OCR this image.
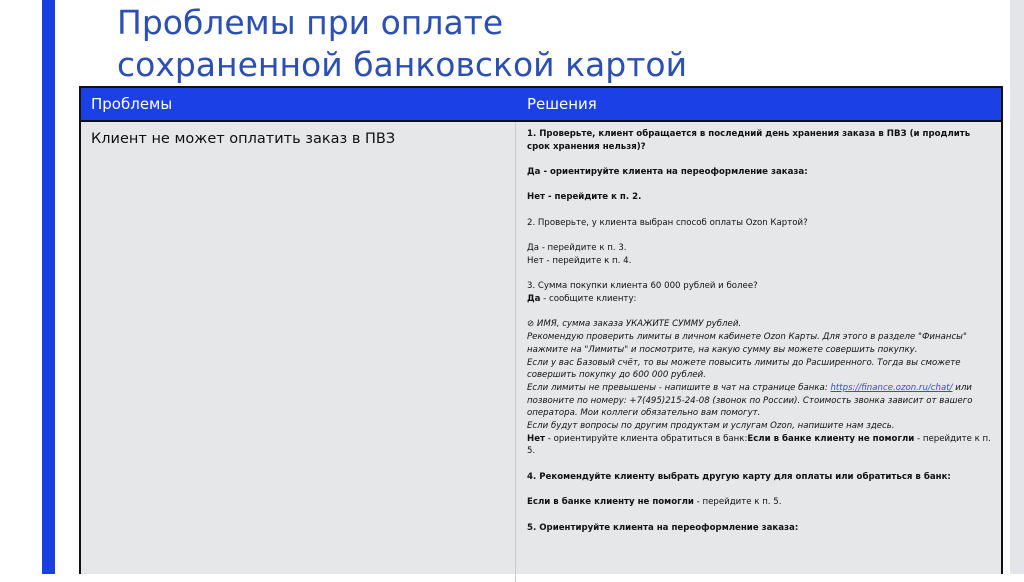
Проблемы при оплате
сохраненной банковской картой
Проблемы	Решения
Клиент не может оплатить заказ в ПВЗ	1. Проверьте, клиент обращается в последний день хранения заказа в ПВЗ (и продлить срок хранения нельзя)?

Да - ориентируйте клиента на переоформление заказа:

Нет - перейдите к п. 2.

2. Проверьте, у клиента выбран способ оплаты Ozon Картой?

Да - перейдите к п. 3.

Нет - перейдите к п. 4.

3. Сумма покупки клиента 60 000 рублей и более?

Да - сообщите клиенту:

⊘ ИМЯ, сумма заказа УКАЖИТЕ СУММУ рублей.

Рекомендую проверить лимиты в личном кабинете Ozon Карты. Для этого в разделе "Финансы"

нажмите на "Лимиты" и посмотрите, на какую сумму вы можете совершить покупку.

Если у вас Базовый счёт, то вы можете повысить лимиты до Расширенного. Тогда вы сможете

совершить покупку до 600 000 рублей.

Если лимиты не превышены - напишите в чат на странице банка: https://finance.ozon.ru/chat/ или

позвоните по номеру: +7(495)215-24-08 (звонок по России). Стоимость звонка зависит от вашего

оператора. Мои коллеги обязательно вам помогут.

Если будут вопросы по другим продуктам и услугам Ozon, напишите нам здесь.

Нет - ориентируйте клиента обратиться в банк:Если в банке клиенту не помогли - перейдите к п. 5.

4. Рекомендуйте клиенту выбрать другую карту для оплаты или обратиться в банк:

Если в банке клиенту не помогли - перейдите к п. 5.

5. Ориентируйте клиента на переоформление заказа:
